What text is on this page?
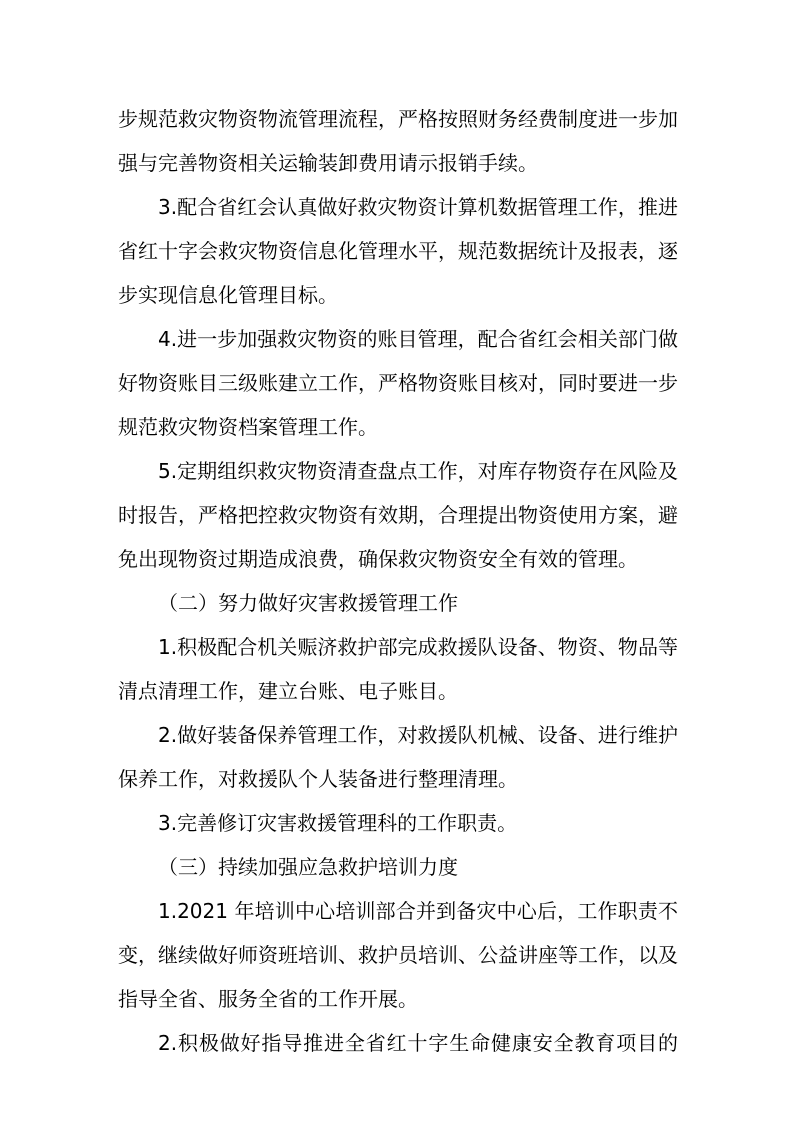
步规范救灾物资物流管理流程，严格按照财务经费制度进一步加
强与完善物资相关运输装卸费用请示报销手续。
3.配合省红会认真做好救灾物资计算机数据管理工作，推进
省红十字会救灾物资信息化管理水平，规范数据统计及报表，逐
步实现信息化管理目标。
4.进一步加强救灾物资的账目管理，配合省红会相关部门做
好物资账目三级账建立工作，严格物资账目核对，同时要进一步
规范救灾物资档案管理工作。
5.定期组织救灾物资清查盘点工作，对库存物资存在风险及
时报告，严格把控救灾物资有效期，合理提出物资使用方案，避
免出现物资过期造成浪费，确保救灾物资安全有效的管理。
（二）努力做好灾害救援管理工作
1.积极配合机关赈济救护部完成救援队设备、物资、物品等
清点清理工作，建立台账、电子账目。
2.做好装备保养管理工作，对救援队机械、设备、进行维护
保养工作，对救援队个人装备进行整理清理。
3.完善修订灾害救援管理科的工作职责。
（三）持续加强应急救护培训力度
1.2021 年培训中心培训部合并到备灾中心后，工作职责不
变，继续做好师资班培训、救护员培训、公益讲座等工作，以及
指导全省、服务全省的工作开展。
2.积极做好指导推进全省红十字生命健康安全教育项目的
